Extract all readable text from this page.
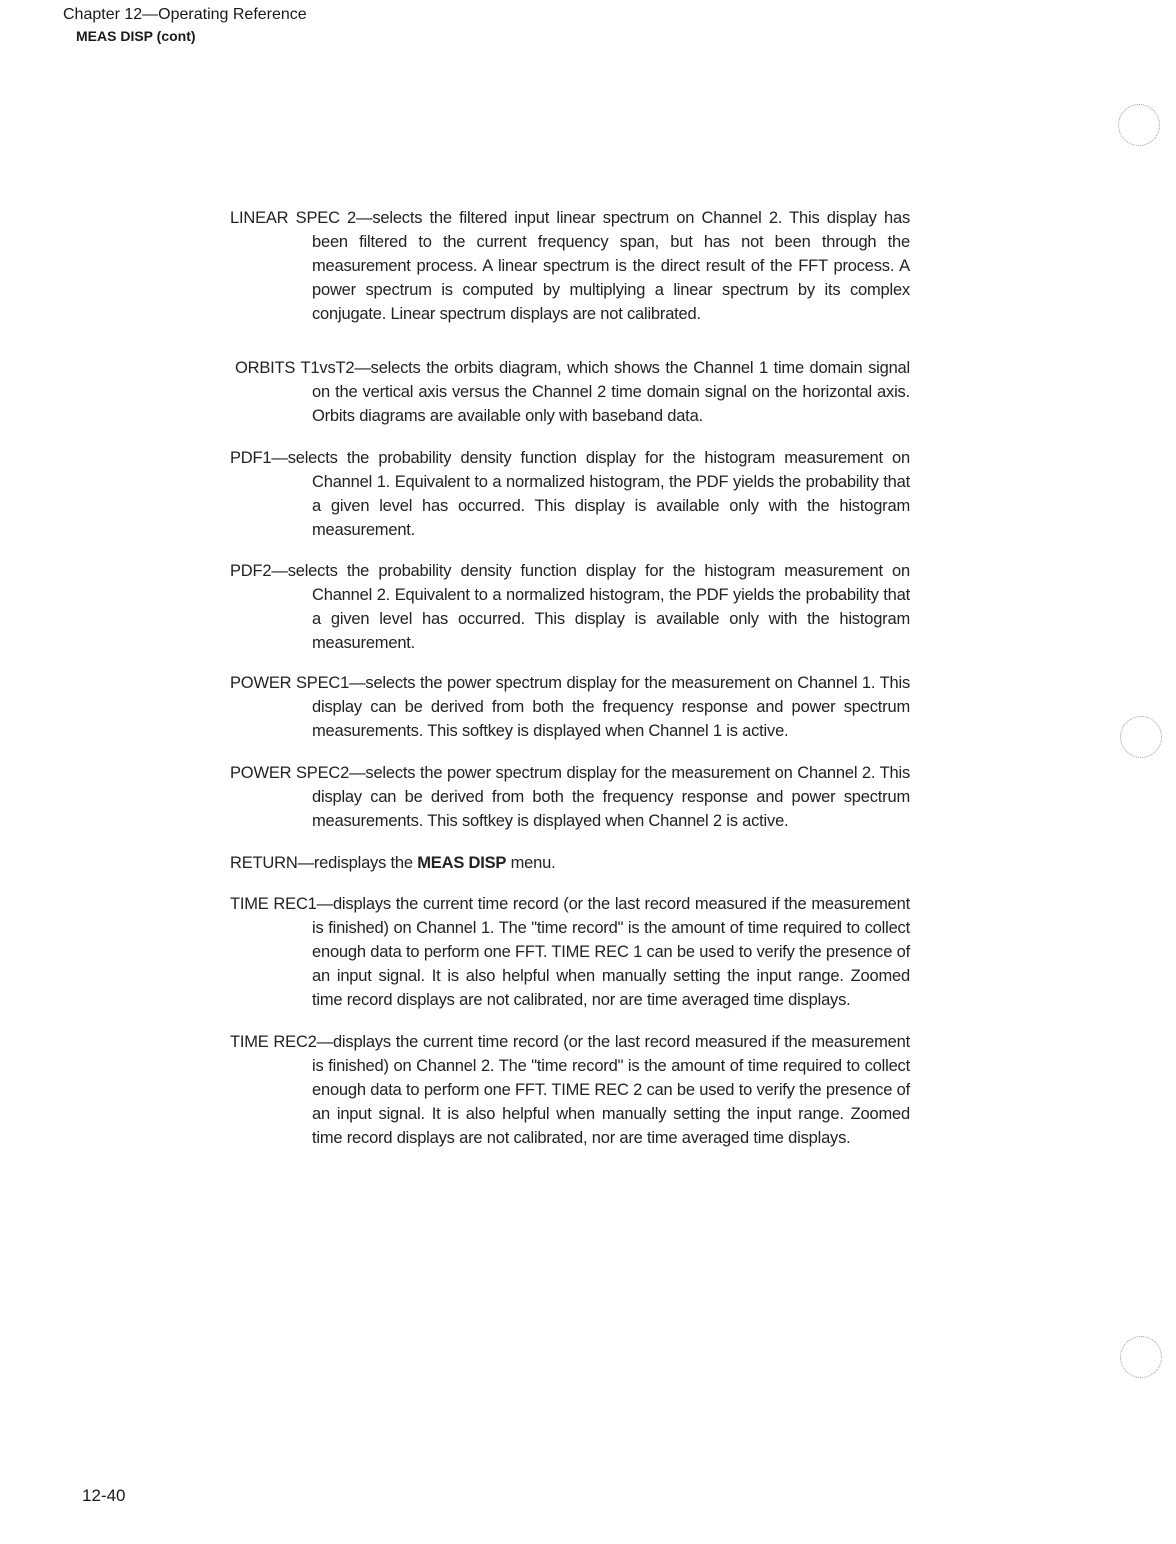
Chapter 12—Operating Reference
MEAS DISP (cont)

LINEAR SPEC 2—selects the filtered input linear spectrum on Channel 2. This display has been filtered to the current frequency span, but has not been through the measurement process. A linear spectrum is the direct result of the FFT process. A power spectrum is computed by multiplying a linear spectrum by its complex conjugate. Linear spectrum displays are not calibrated.

ORBITS T1vsT2—selects the orbits diagram, which shows the Channel 1 time domain signal on the vertical axis versus the Channel 2 time domain signal on the horizontal axis. Orbits diagrams are available only with baseband data.

PDF1—selects the probability density function display for the histogram measurement on Channel 1. Equivalent to a normalized histogram, the PDF yields the probability that a given level has occurred. This display is available only with the histogram measurement.

PDF2—selects the probability density function display for the histogram measurement on Channel 2. Equivalent to a normalized histogram, the PDF yields the probability that a given level has occurred. This display is available only with the histogram measurement.

POWER SPEC1—selects the power spectrum display for the measurement on Channel 1. This display can be derived from both the frequency response and power spectrum measurements. This softkey is displayed when Channel 1 is active.

POWER SPEC2—selects the power spectrum display for the measurement on Channel 2. This display can be derived from both the frequency response and power spectrum measurements. This softkey is displayed when Channel 2 is active.

RETURN—redisplays the MEAS DISP menu.

TIME REC1—displays the current time record (or the last record measured if the measurement is finished) on Channel 1. The "time record" is the amount of time required to collect enough data to perform one FFT. TIME REC 1 can be used to verify the presence of an input signal. It is also helpful when manually setting the input range. Zoomed time record displays are not calibrated, nor are time averaged time displays.

TIME REC2—displays the current time record (or the last record measured if the measurement is finished) on Channel 2. The "time record" is the amount of time required to collect enough data to perform one FFT. TIME REC 2 can be used to verify the presence of an input signal. It is also helpful when manually setting the input range. Zoomed time record displays are not calibrated, nor are time averaged time displays.

12-40
